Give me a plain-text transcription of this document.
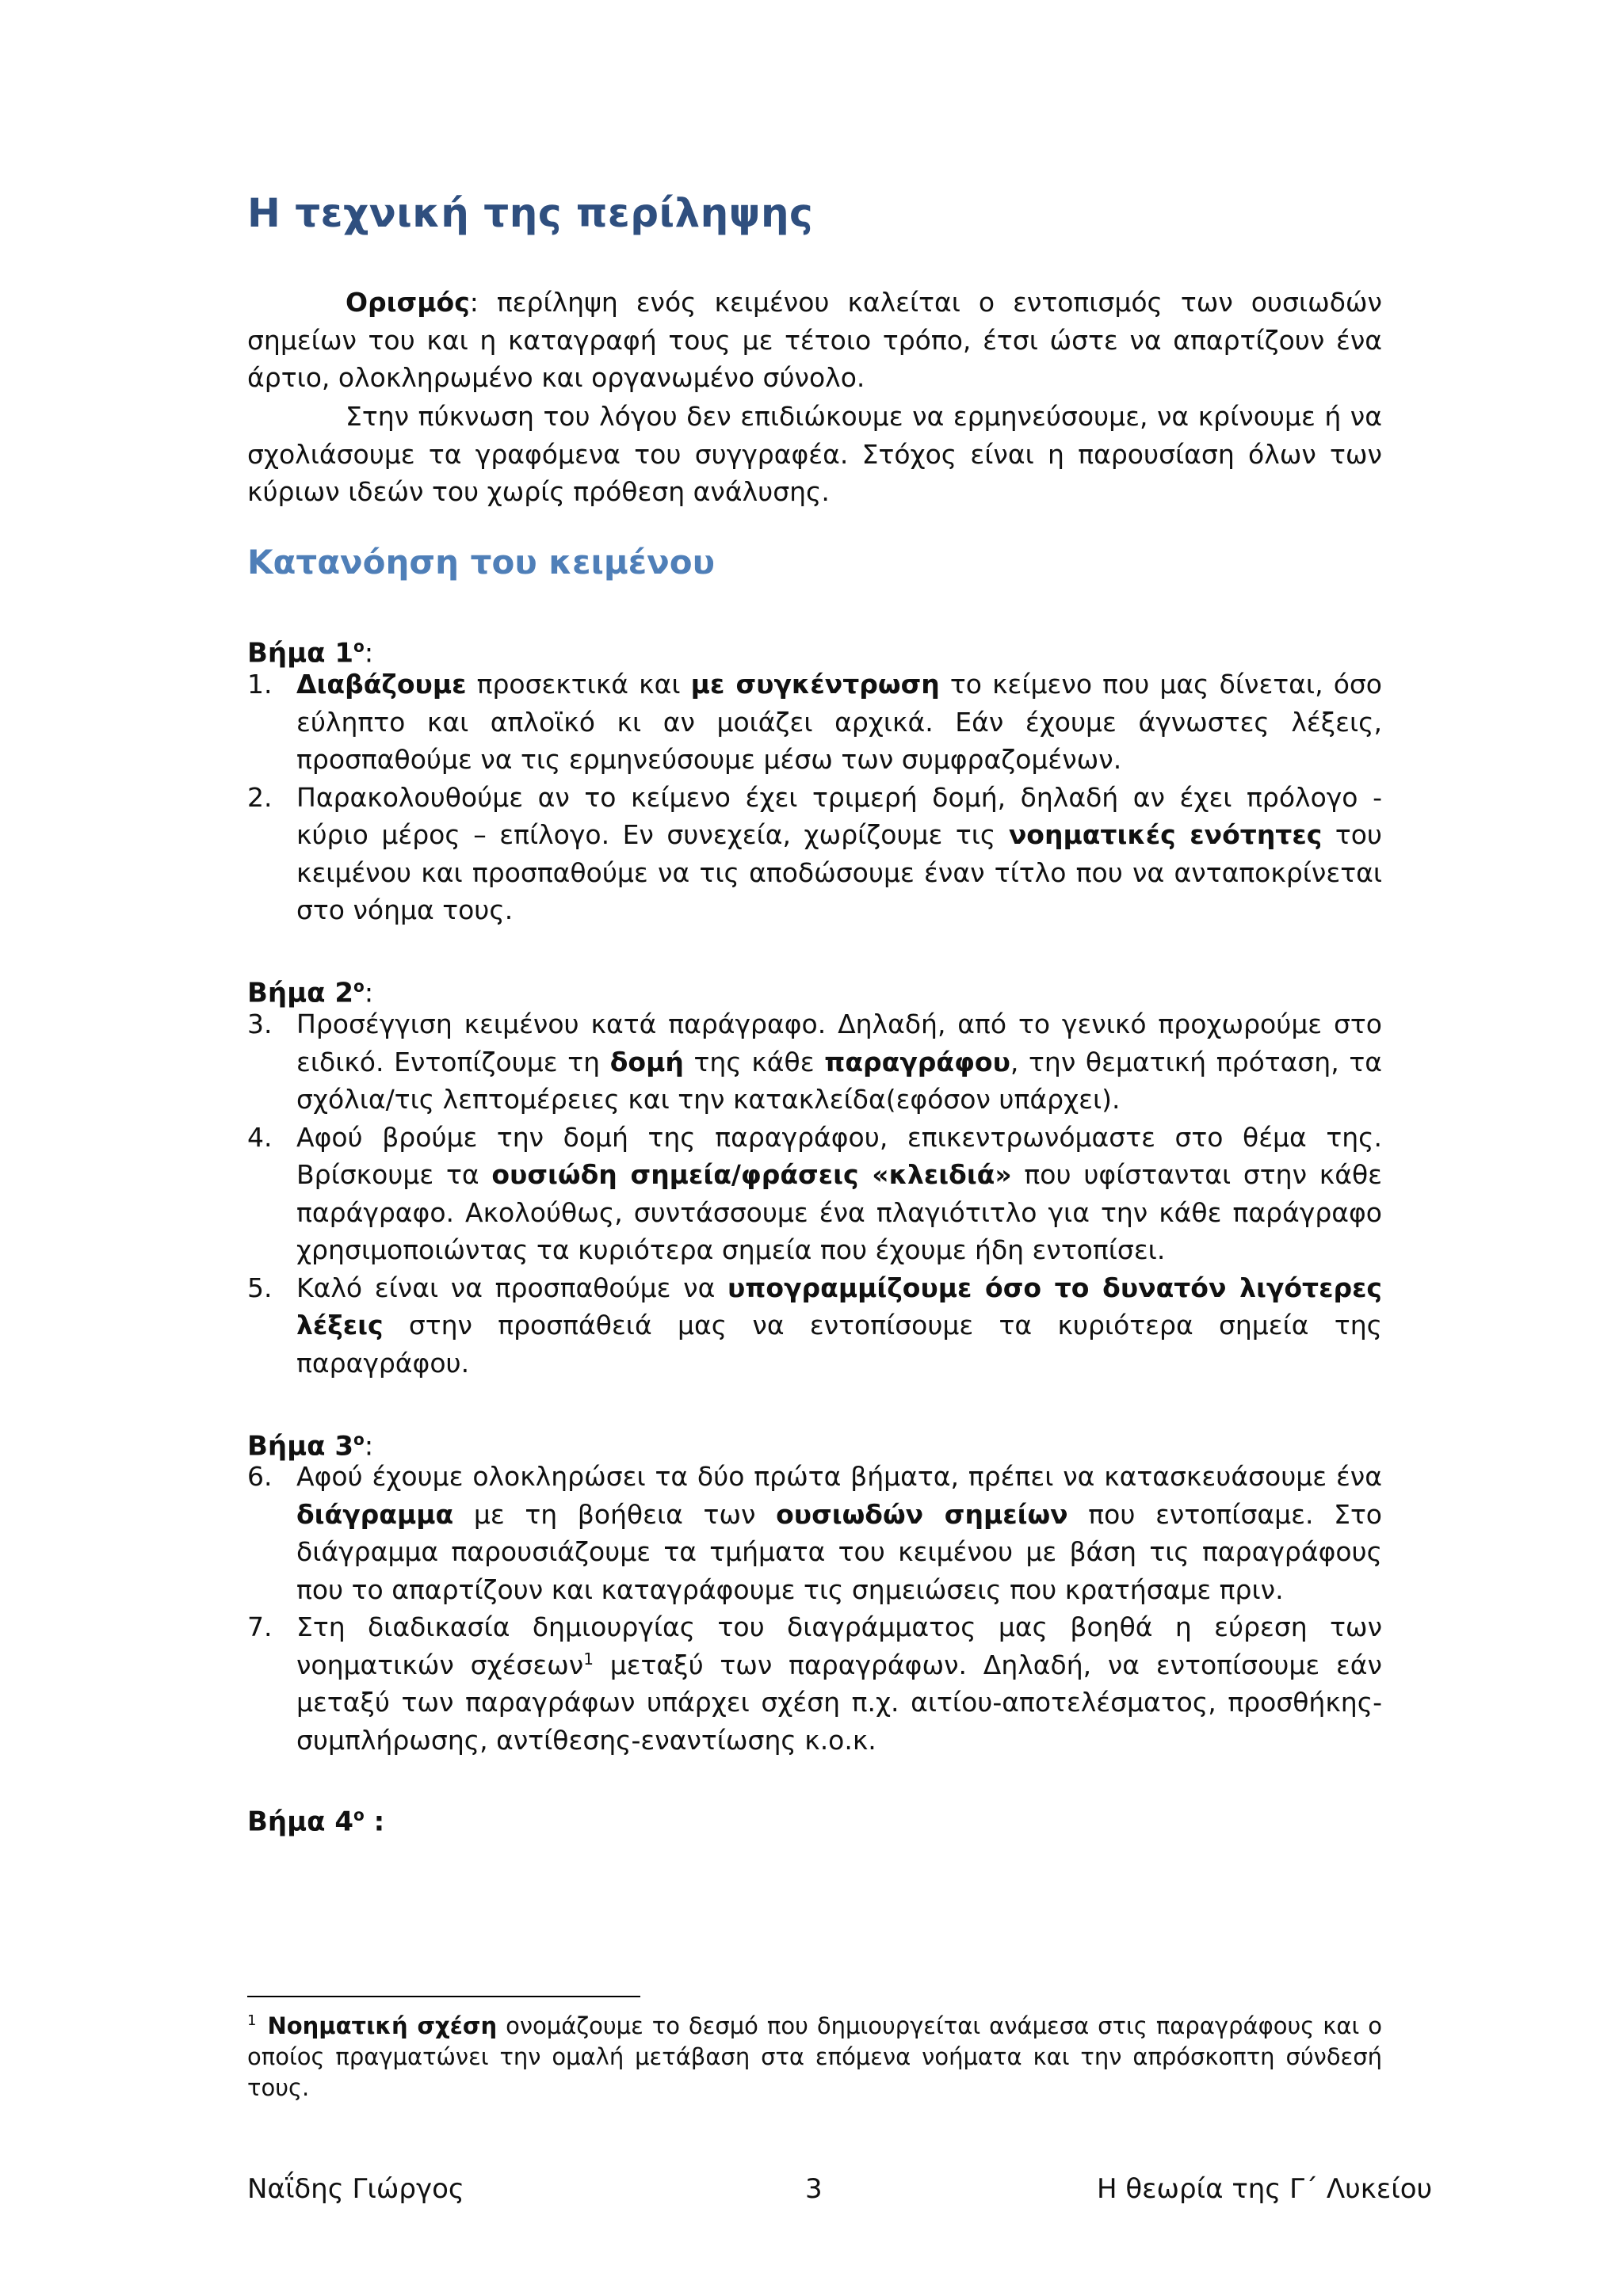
Η τεχνική της περίληψης

Ορισμός: περίληψη ενός κειμένου καλείται ο εντοπισμός των ουσιωδών σημείων του και η καταγραφή τους με τέτοιο τρόπο, έτσι ώστε να απαρτίζουν ένα άρτιο, ολοκληρωμένο και οργανωμένο σύνολο.

Στην πύκνωση του λόγου δεν επιδιώκουμε να ερμηνεύσουμε, να κρίνουμε ή να σχολιάσουμε τα γραφόμενα του συγγραφέα. Στόχος είναι η παρουσίαση όλων των κύριων ιδεών του χωρίς πρόθεση ανάλυσης.

Κατανόηση του κειμένου

Βήμα $1^o$:

1. Διαβάζουμε προσεκτικά και με συγκέντρωση το κείμενο που μας δίνεται, όσο εύληπτο και απλοϊκό κι αν μοιάζει αρχικά. Εάν έχουμε άγνωστες λέξεις, προσπαθούμε να τις ερμηνεύσουμε μέσω των συμφραζομένων.

2. Παρακολουθούμε αν το κείμενο έχει τριμερή δομή, δηλαδή αν έχει πρόλογο - κύριο μέρος – επίλογο. Εν συνεχεία, χωρίζουμε τις νοηματικές ενότητες του κειμένου και προσπαθούμε να τις αποδώσουμε έναν τίτλο που να ανταποκρίνεται στο νόημα τους.

Βήμα $2^o$:

3. Προσέγγιση κειμένου κατά παράγραφο. Δηλαδή, από το γενικό προχωρούμε στο ειδικό. Εντοπίζουμε τη δομή της κάθε παραγράφου, την θεματική πρόταση, τα σχόλια/τις λεπτομέρειες και την κατακλείδα(εφόσον υπάρχει).

4. Αφού βρούμε την δομή της παραγράφου, επικεντρωνόμαστε στο θέμα της. Βρίσκουμε τα ουσιώδη σημεία/φράσεις «κλειδιά» που υφίστανται στην κάθε παράγραφο. Ακολούθως, συντάσσουμε ένα πλαγιότιτλο για την κάθε παράγραφο χρησιμοποιώντας τα κυριότερα σημεία που έχουμε ήδη εντοπίσει.

5. Καλό είναι να προσπαθούμε να υπογραμμίζουμε όσο το δυνατόν λιγότερες λέξεις στην προσπάθειά μας να εντοπίσουμε τα κυριότερα σημεία της παραγράφου.

Βήμα $3^o$:

6. Αφού έχουμε ολοκληρώσει τα δύο πρώτα βήματα, πρέπει να κατασκευάσουμε ένα διάγραμμα με τη βοήθεια των ουσιωδών σημείων που εντοπίσαμε. Στο διάγραμμα παρουσιάζουμε τα τμήματα του κειμένου με βάση τις παραγράφους που το απαρτίζουν και καταγράφουμε τις σημειώσεις που κρατήσαμε πριν.

7. Στη διαδικασία δημιουργίας του διαγράμματος μας βοηθά η εύρεση των νοηματικών σχέσεων$^1$ μεταξύ των παραγράφων. Δηλαδή, να εντοπίσουμε εάν μεταξύ των παραγράφων υπάρχει σχέση π.χ. αιτίου-αποτελέσματος, προσθήκης-συμπλήρωσης, αντίθεσης-εναντίωσης κ.ο.κ.

Βήμα $4^o$ :

$^1$ Νοηματική σχέση ονομάζουμε το δεσμό που δημιουργείται ανάμεσα στις παραγράφους και ο οποίος πραγματώνει την ομαλή μετάβαση στα επόμενα νοήματα και την απρόσκοπτη σύνδεσή τους.

Ναΐδης Γιώργος	3	Η θεωρία της Γ΄ Λυκείου
